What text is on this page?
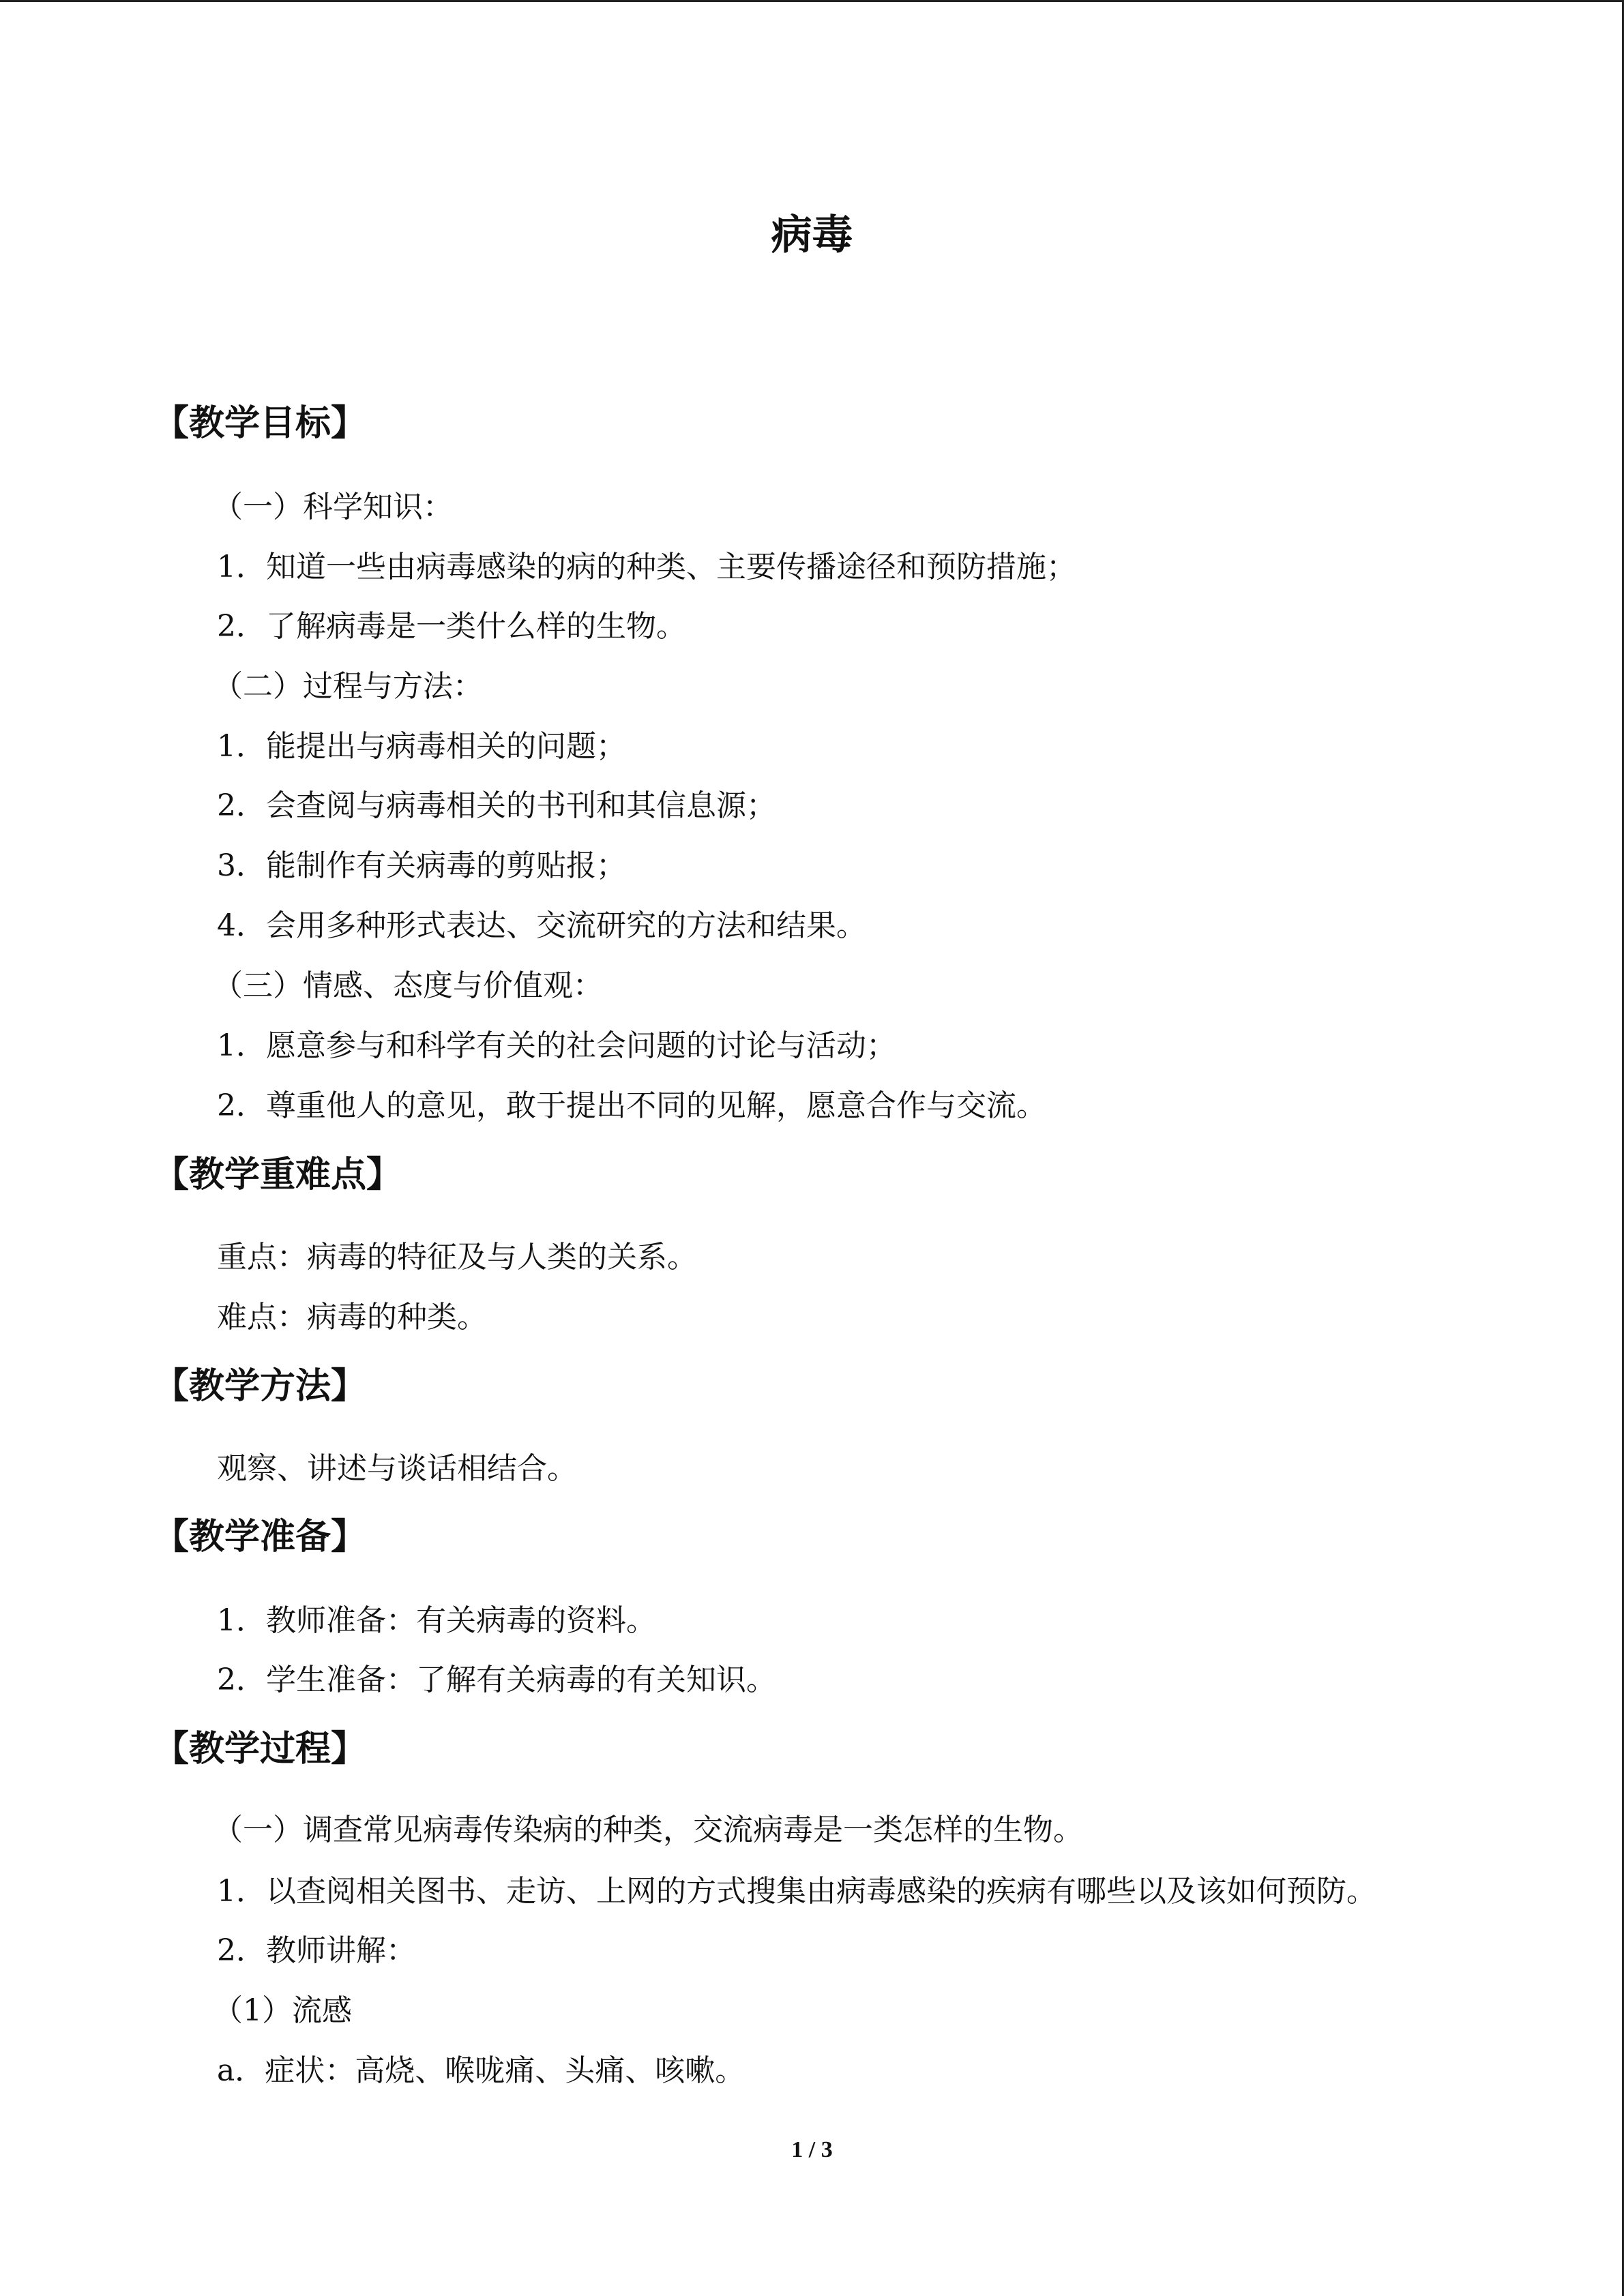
病毒
【教学目标】

（一）科学知识：

1．知道一些由病毒感染的病的种类、主要传播途径和预防措施；

2．了解病毒是一类什么样的生物。

（二）过程与方法：

1．能提出与病毒相关的问题；

2．会查阅与病毒相关的书刊和其信息源；

3．能制作有关病毒的剪贴报；

4．会用多种形式表达、交流研究的方法和结果。

（三）情感、态度与价值观：

1．愿意参与和科学有关的社会问题的讨论与活动；

2．尊重他人的意见，敢于提出不同的见解，愿意合作与交流。

【教学重难点】

重点：病毒的特征及与人类的关系。

难点：病毒的种类。

【教学方法】

观察、讲述与谈话相结合。

【教学准备】

1．教师准备：有关病毒的资料。

2．学生准备：了解有关病毒的有关知识。

【教学过程】

（一）调查常见病毒传染病的种类，交流病毒是一类怎样的生物。

1．以查阅相关图书、走访、上网的方式搜集由病毒感染的疾病有哪些以及该如何预防。

2．教师讲解：

（1）流感

a．症状：高烧、喉咙痛、头痛、咳嗽。

1 / 3
